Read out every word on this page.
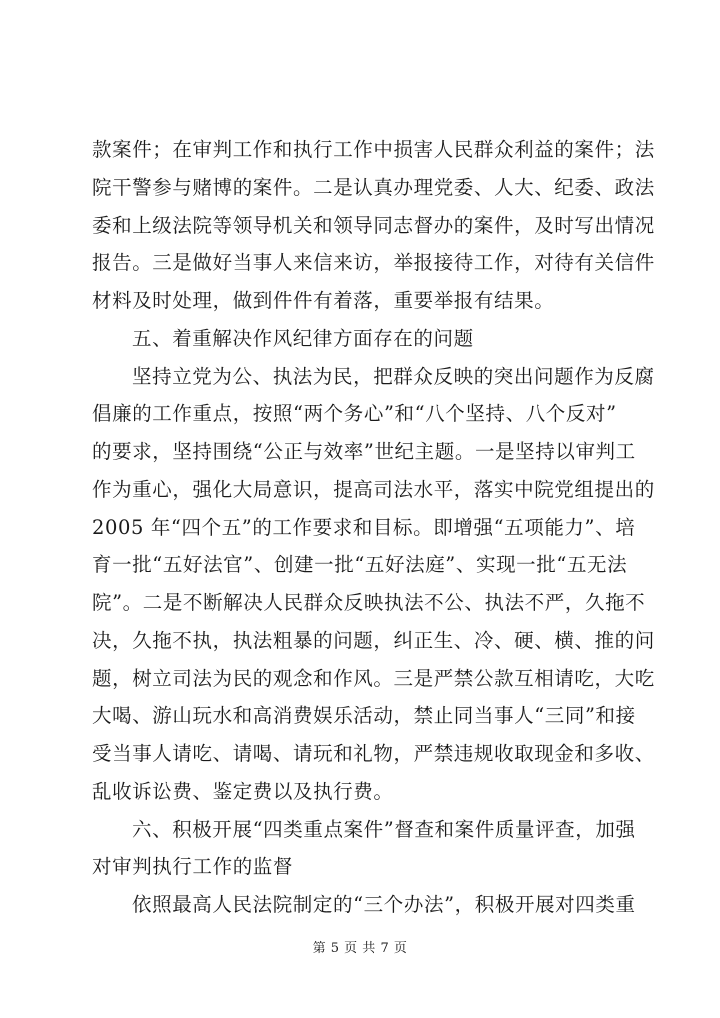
款案件；在审判工作和执行工作中损害人民群众利益的案件；法
院干警参与赌博的案件。二是认真办理党委、人大、纪委、政法
委和上级法院等领导机关和领导同志督办的案件，及时写出情况
报告。三是做好当事人来信来访，举报接待工作，对待有关信件
材料及时处理，做到件件有着落，重要举报有结果。
五、着重解决作风纪律方面存在的问题
坚持立党为公、执法为民，把群众反映的突出问题作为反腐
倡廉的工作重点，按照“两个务心”和“八个坚持、八个反对”
的要求，坚持围绕“公正与效率”世纪主题。一是坚持以审判工
作为重心，强化大局意识，提高司法水平，落实中院党组提出的
2005 年“四个五”的工作要求和目标。即增强“五项能力”、培
育一批“五好法官”、创建一批“五好法庭”、实现一批“五无法
院”。二是不断解决人民群众反映执法不公、执法不严，久拖不
决，久拖不执，执法粗暴的问题，纠正生、冷、硬、横、推的问
题，树立司法为民的观念和作风。三是严禁公款互相请吃，大吃
大喝、游山玩水和高消费娱乐活动，禁止同当事人“三同”和接
受当事人请吃、请喝、请玩和礼物，严禁违规收取现金和多收、
乱收诉讼费、鉴定费以及执行费。
六、积极开展“四类重点案件”督查和案件质量评查，加强
对审判执行工作的监督
依照最高人民法院制定的“三个办法”，积极开展对四类重
第 5 页 共 7 页
